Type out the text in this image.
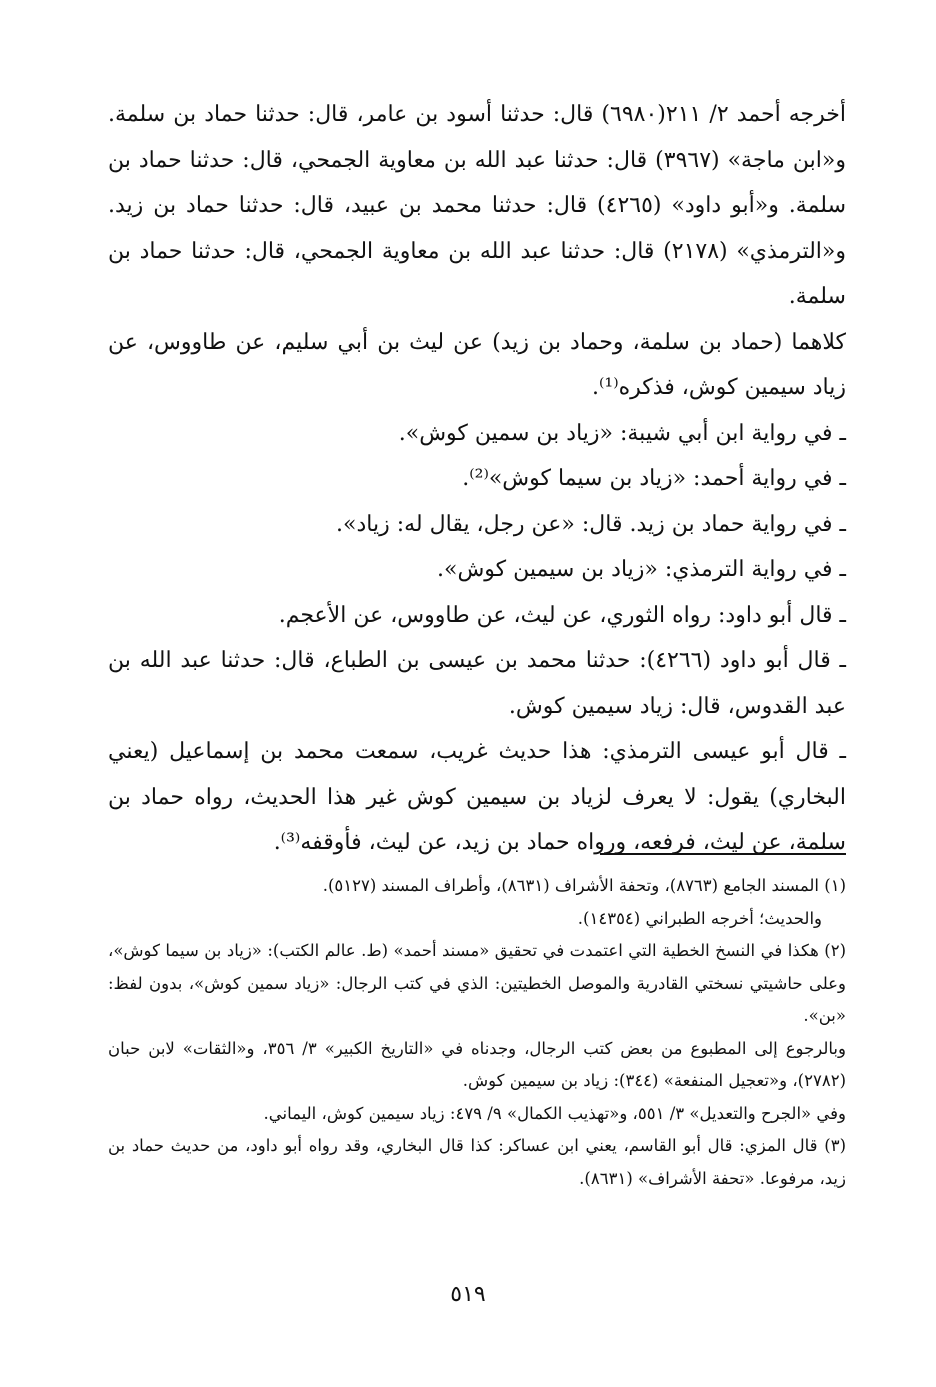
أخرجه أحمد ٢/ ٢١١(٦٩٨٠) قال: حدثنا أسود بن عامر، قال: حدثنا حماد بن سلمة. و«ابن ماجة» (٣٩٦٧) قال: حدثنا عبد الله بن معاوية الجمحي، قال: حدثنا حماد بن سلمة. و«أبو داود» (٤٢٦٥) قال: حدثنا محمد بن عبيد، قال: حدثنا حماد بن زيد. و«الترمذي» (٢١٧٨) قال: حدثنا عبد الله بن معاوية الجمحي، قال: حدثنا حماد بن سلمة.

كلاهما (حماد بن سلمة، وحماد بن زيد) عن ليث بن أبي سليم، عن طاووس، عن زياد سيمين كوش، فذكره⁽¹⁾.

ـ في رواية ابن أبي شيبة: «زياد بن سمين كوش».

ـ في رواية أحمد: «زياد بن سيما كوش»⁽²⁾.

ـ في رواية حماد بن زيد. قال: «عن رجل، يقال له: زياد».

ـ في رواية الترمذي: «زياد بن سيمين كوش».

ـ قال أبو داود: رواه الثوري، عن ليث، عن طاووس، عن الأعجم.

ـ قال أبو داود (٤٢٦٦): حدثنا محمد بن عيسى بن الطباع، قال: حدثنا عبد الله بن عبد القدوس، قال: زياد سيمين كوش.

ـ قال أبو عيسى الترمذي: هذا حديث غريب، سمعت محمد بن إسماعيل (يعني البخاري) يقول: لا يعرف لزياد بن سيمين كوش غير هذا الحديث، رواه حماد بن سلمة، عن ليث، فرفعه، ورواه حماد بن زيد، عن ليث، فأوقفه⁽³⁾.

(١) المسند الجامع (٨٧٦٣)، وتحفة الأشراف (٨٦٣١)، وأطراف المسند (٥١٢٧).

والحديث؛ أخرجه الطبراني (١٤٣٥٤).

(٢) هكذا في النسخ الخطية التي اعتمدت في تحقيق «مسند أحمد» (ط. عالم الكتب): «زياد بن سيما كوش»، وعلى حاشيتي نسختي القادرية والموصل الخطيتين: الذي في كتب الرجال: «زياد سمين كوش»، بدون لفظ: «بن».

وبالرجوع إلى المطبوع من بعض كتب الرجال، وجدناه في «التاريخ الكبير» ٣/ ٣٥٦، و«الثقات» لابن حبان (٢٧٨٢)، و«تعجيل المنفعة» (٣٤٤): زياد بن سيمين كوش.

وفي «الجرح والتعديل» ٣/ ٥٥١، و«تهذيب الكمال» ٩/ ٤٧٩: زياد سيمين كوش، اليماني.

(٣) قال المزي: قال أبو القاسم، يعني ابن عساكر: كذا قال البخاري، وقد رواه أبو داود، من حديث حماد بن زيد، مرفوعا. «تحفة الأشراف» (٨٦٣١).

٥١٩
